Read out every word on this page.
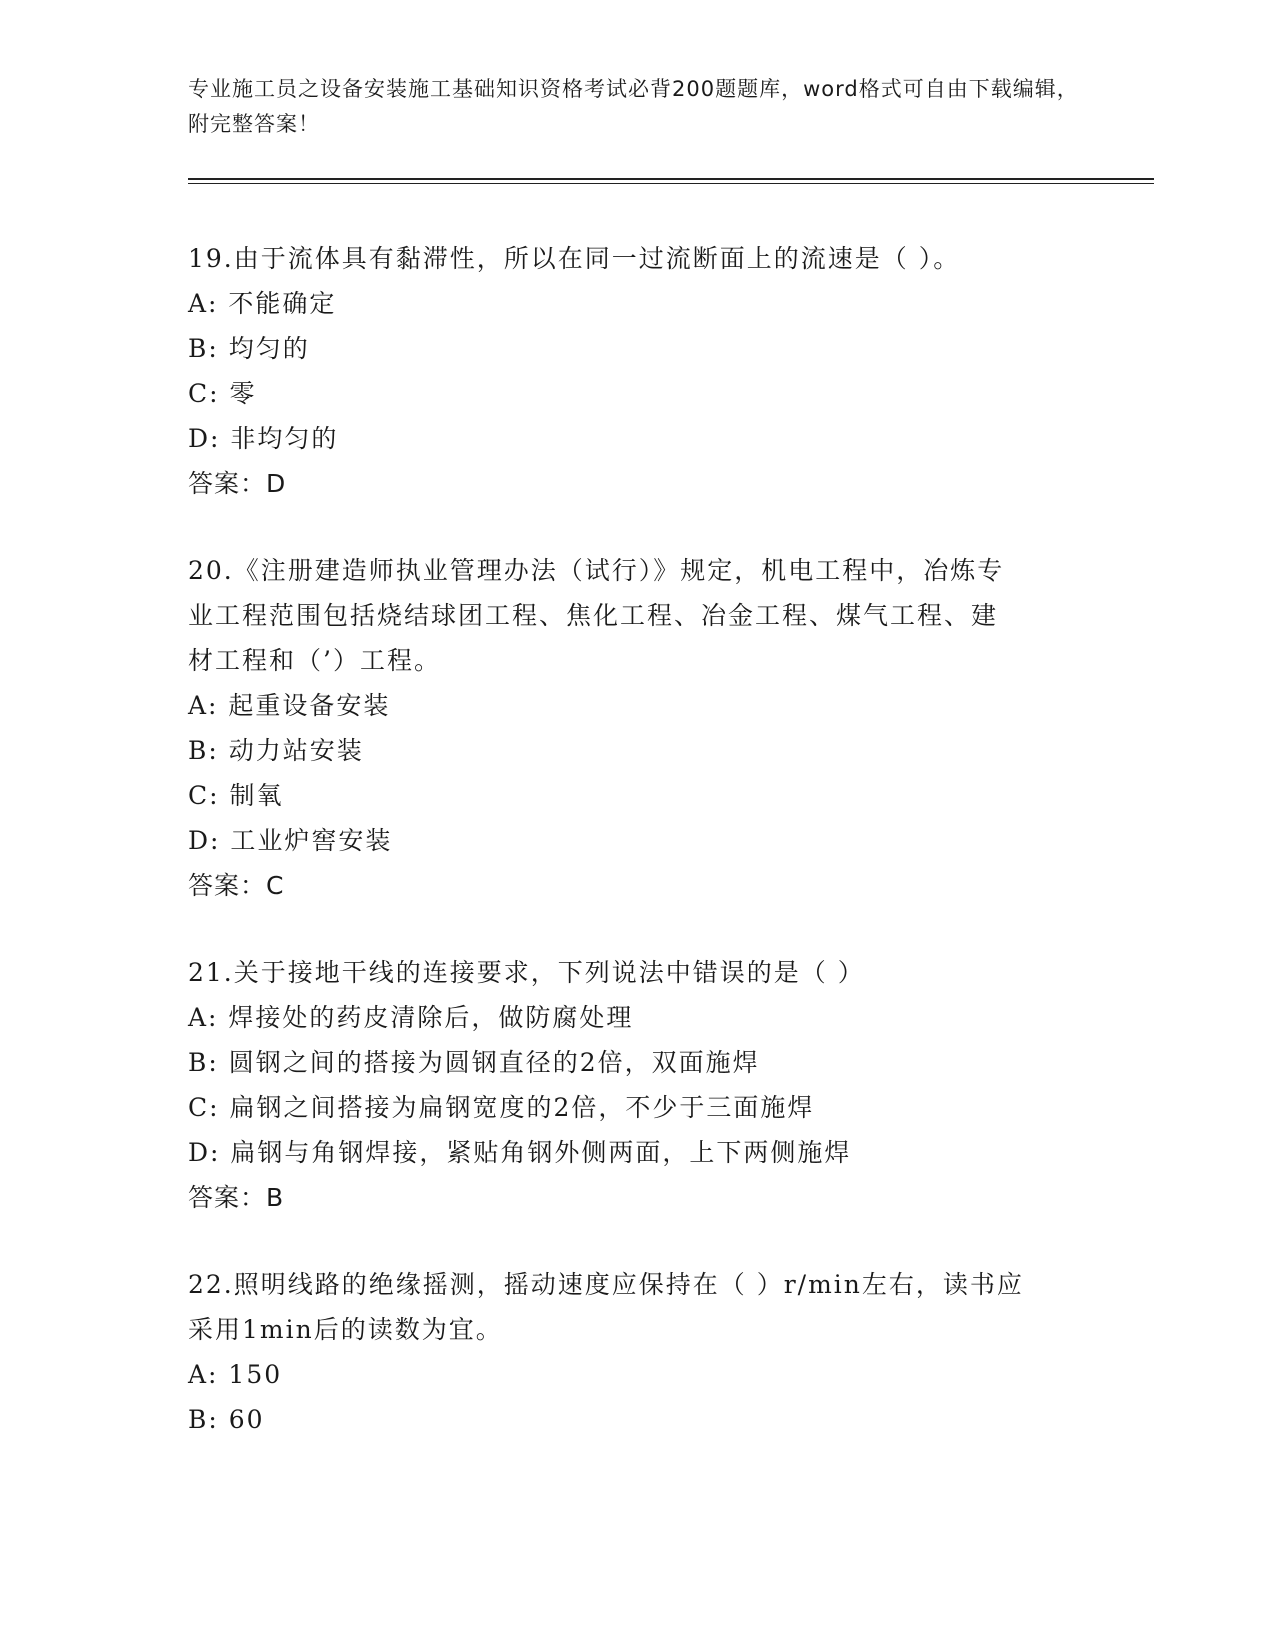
专业施工员之设备安装施工基础知识资格考试必背200题题库，word格式可自由下载编辑，附完整答案！
19.由于流体具有黏滞性，所以在同一过流断面上的流速是（ ）。
A: 不能确定
B: 均匀的
C: 零
D: 非均匀的
答案：D
20.《注册建造师执业管理办法（试行）》规定，机电工程中，冶炼专
业工程范围包括烧结球团工程、焦化工程、冶金工程、煤气工程、建
材工程和（’）工程。
A: 起重设备安装
B: 动力站安装
C: 制氧
D: 工业炉窖安装
答案：C
21.关于接地干线的连接要求，下列说法中错误的是（ ）
A: 焊接处的药皮清除后，做防腐处理
B: 圆钢之间的搭接为圆钢直径的2倍，双面施焊
C: 扁钢之间搭接为扁钢宽度的2倍，不少于三面施焊
D: 扁钢与角钢焊接，紧贴角钢外侧两面，上下两侧施焊
答案：B
22.照明线路的绝缘摇测，摇动速度应保持在（ ）r/min左右，读书应
采用1min后的读数为宜。
A: 150
B: 60
